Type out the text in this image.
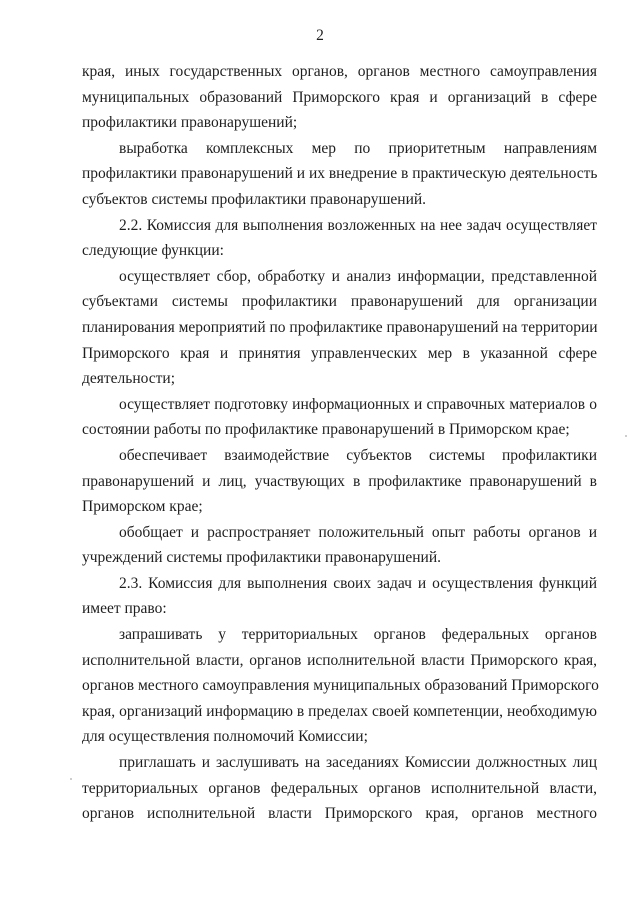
2
края, иных государственных органов, органов местного самоуправления
муниципальных образований Приморского края и организаций в сфере
профилактики правонарушений;
выработка комплексных мер по приоритетным направлениям
профилактики правонарушений и их внедрение в практическую деятельность
субъектов системы профилактики правонарушений.
2.2. Комиссия для выполнения возложенных на нее задач осуществляет
следующие функции:
осуществляет сбор, обработку и анализ информации, представленной
субъектами системы профилактики правонарушений для организации
планирования мероприятий по профилактике правонарушений на территории
Приморского края и принятия управленческих мер в указанной сфере
деятельности;
осуществляет подготовку информационных и справочных материалов о
состоянии работы по профилактике правонарушений в Приморском крае;
обеспечивает взаимодействие субъектов системы профилактики
правонарушений и лиц, участвующих в профилактике правонарушений в
Приморском крае;
обобщает и распространяет положительный опыт работы органов и
учреждений системы профилактики правонарушений.
2.3. Комиссия для выполнения своих задач и осуществления функций
имеет право:
запрашивать у территориальных органов федеральных органов
исполнительной власти, органов исполнительной власти Приморского края,
органов местного самоуправления муниципальных образований Приморского
края, организаций информацию в пределах своей компетенции, необходимую
для осуществления полномочий Комиссии;
приглашать и заслушивать на заседаниях Комиссии должностных лиц
территориальных органов федеральных органов исполнительной власти,
органов исполнительной власти Приморского края, органов местного
